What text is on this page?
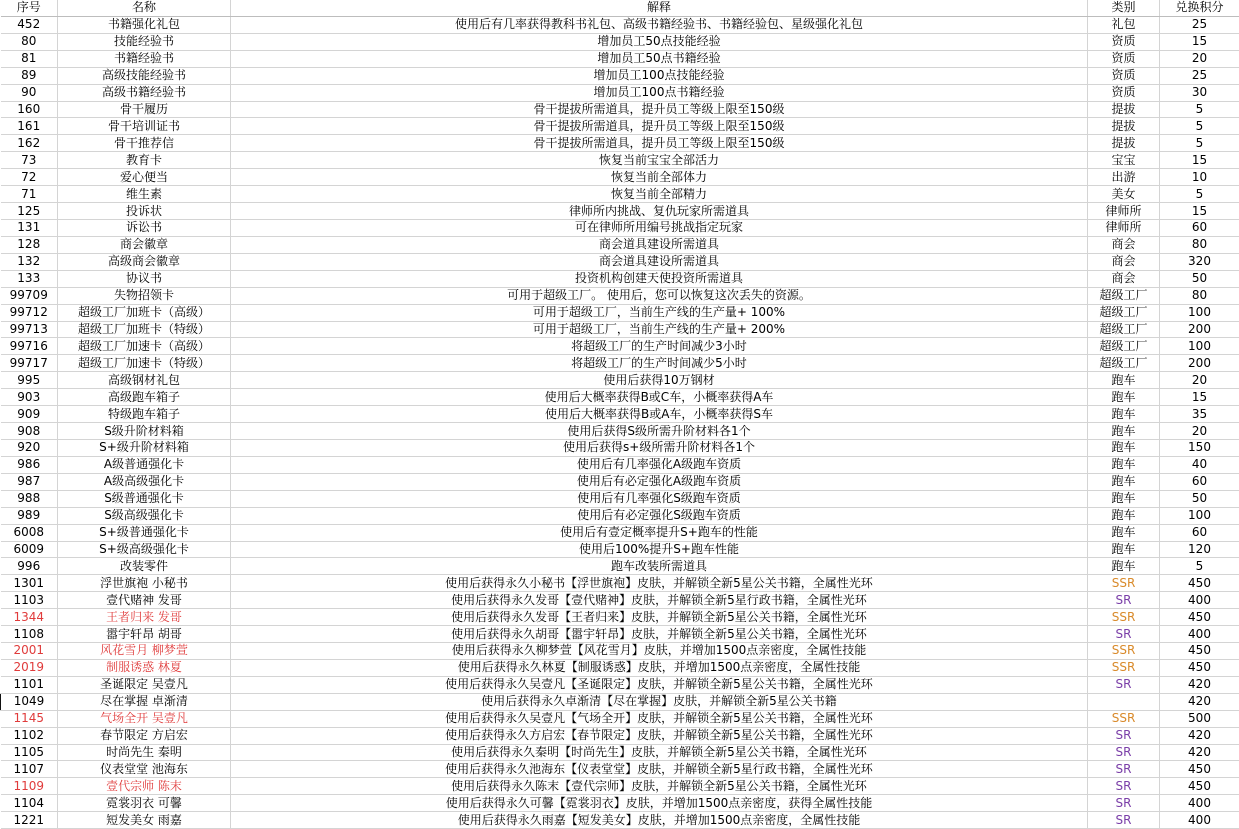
序号	名称	解释	类别	兑换积分
452	书籍强化礼包	使用后有几率获得教科书礼包、高级书籍经验书、书籍经验包、星级强化礼包	礼包	25
80	技能经验书	增加员工50点技能经验	资质	15
81	书籍经验书	增加员工50点书籍经验	资质	20
89	高级技能经验书	增加员工100点技能经验	资质	25
90	高级书籍经验书	增加员工100点书籍经验	资质	30
160	骨干履历	骨干提拔所需道具，提升员工等级上限至150级	提拔	5
161	骨干培训证书	骨干提拔所需道具，提升员工等级上限至150级	提拔	5
162	骨干推荐信	骨干提拔所需道具，提升员工等级上限至150级	提拔	5
73	教育卡	恢复当前宝宝全部活力	宝宝	15
72	爱心便当	恢复当前全部体力	出游	10
71	维生素	恢复当前全部精力	美女	5
125	投诉状	律师所内挑战、复仇玩家所需道具	律师所	15
131	诉讼书	可在律师所用编号挑战指定玩家	律师所	60
128	商会徽章	商会道具建设所需道具	商会	80
132	高级商会徽章	商会道具建设所需道具	商会	320
133	协议书	投资机构创建天使投资所需道具	商会	50
99709	失物招领卡	可用于超级工厂。 使用后，您可以恢复这次丢失的资源。	超级工厂	80
99712	超级工厂加班卡（高级）	可用于超级工厂，当前生产线的生产量+ 100%	超级工厂	100
99713	超级工厂加班卡（特级）	可用于超级工厂，当前生产线的生产量+ 200%	超级工厂	200
99716	超级工厂加速卡（高级）	将超级工厂的生产时间减少3小时	超级工厂	100
99717	超级工厂加速卡（特级）	将超级工厂的生产时间减少5小时	超级工厂	200
995	高级钢材礼包	使用后获得10万钢材	跑车	20
903	高级跑车箱子	使用后大概率获得B或C车，小概率获得A车	跑车	15
909	特级跑车箱子	使用后大概率获得B或A车，小概率获得S车	跑车	35
908	S级升阶材料箱	使用后获得S级所需升阶材料各1个	跑车	20
920	S+级升阶材料箱	使用后获得s+级所需升阶材料各1个	跑车	150
986	A级普通强化卡	使用后有几率强化A级跑车资质	跑车	40
987	A级高级强化卡	使用后有必定强化A级跑车资质	跑车	60
988	S级普通强化卡	使用后有几率强化S级跑车资质	跑车	50
989	S级高级强化卡	使用后有必定强化S级跑车资质	跑车	100
6008	S+级普通强化卡	使用后有壹定概率提升S+跑车的性能	跑车	60
6009	S+级高级强化卡	使用后100%提升S+跑车性能	跑车	120
996	改装零件	跑车改装所需道具	跑车	5
1301	浮世旗袍 小秘书	使用后获得永久小秘书【浮世旗袍】皮肤，并解锁全新5星公关书籍，全属性光环	SSR	450
1103	壹代赌神 发哥	使用后获得永久发哥【壹代赌神】皮肤，并解锁全新5星行政书籍，全属性光环	SR	400
1344	王者归来 发哥	使用后获得永久发哥【王者归来】皮肤，并解锁全新5星公关书籍，全属性光环	SSR	450
1108	嚣宇轩昂 胡哥	使用后获得永久胡哥【嚣宇轩昂】皮肤，并解锁全新5星公关书籍，全属性光环	SR	400
2001	风花雪月 柳梦萱	使用后获得永久柳梦萱【风花雪月】皮肤，并增加1500点亲密度，全属性技能	SSR	450
2019	制服诱惑 林夏	使用后获得永久林夏【制服诱惑】皮肤，并增加1500点亲密度，全属性技能	SSR	450
1101	圣诞限定 吴壹凡	使用后获得永久吴壹凡【圣诞限定】皮肤，并解锁全新5星公关书籍，全属性光环	SR	420
1049	尽在掌握 卓渐清	使用后获得永久卓渐清【尽在掌握】皮肤，并解锁全新5星公关书籍		420
1145	气场全开 吴壹凡	使用后获得永久吴壹凡【气场全开】皮肤，并解锁全新5星公关书籍，全属性光环	SSR	500
1102	春节限定 方启宏	使用后获得永久方启宏【春节限定】皮肤，并解锁全新5星公关书籍，全属性光环	SR	420
1105	时尚先生 秦明	使用后获得永久秦明【时尚先生】皮肤，并解锁全新5星公关书籍，全属性光环	SR	420
1107	仪表堂堂 池海东	使用后获得永久池海东【仪表堂堂】皮肤，并解锁全新5星行政书籍，全属性光环	SR	450
1109	壹代宗师 陈末	使用后获得永久陈末【壹代宗师】皮肤，并解锁全新5星公关书籍，全属性光环	SR	450
1104	霓裳羽衣 可馨	使用后获得永久可馨【霓裳羽衣】皮肤，并增加1500点亲密度，获得全属性技能	SR	400
1221	短发美女 雨嘉	使用后获得永久雨嘉【短发美女】皮肤，并增加1500点亲密度，全属性技能	SR	400
